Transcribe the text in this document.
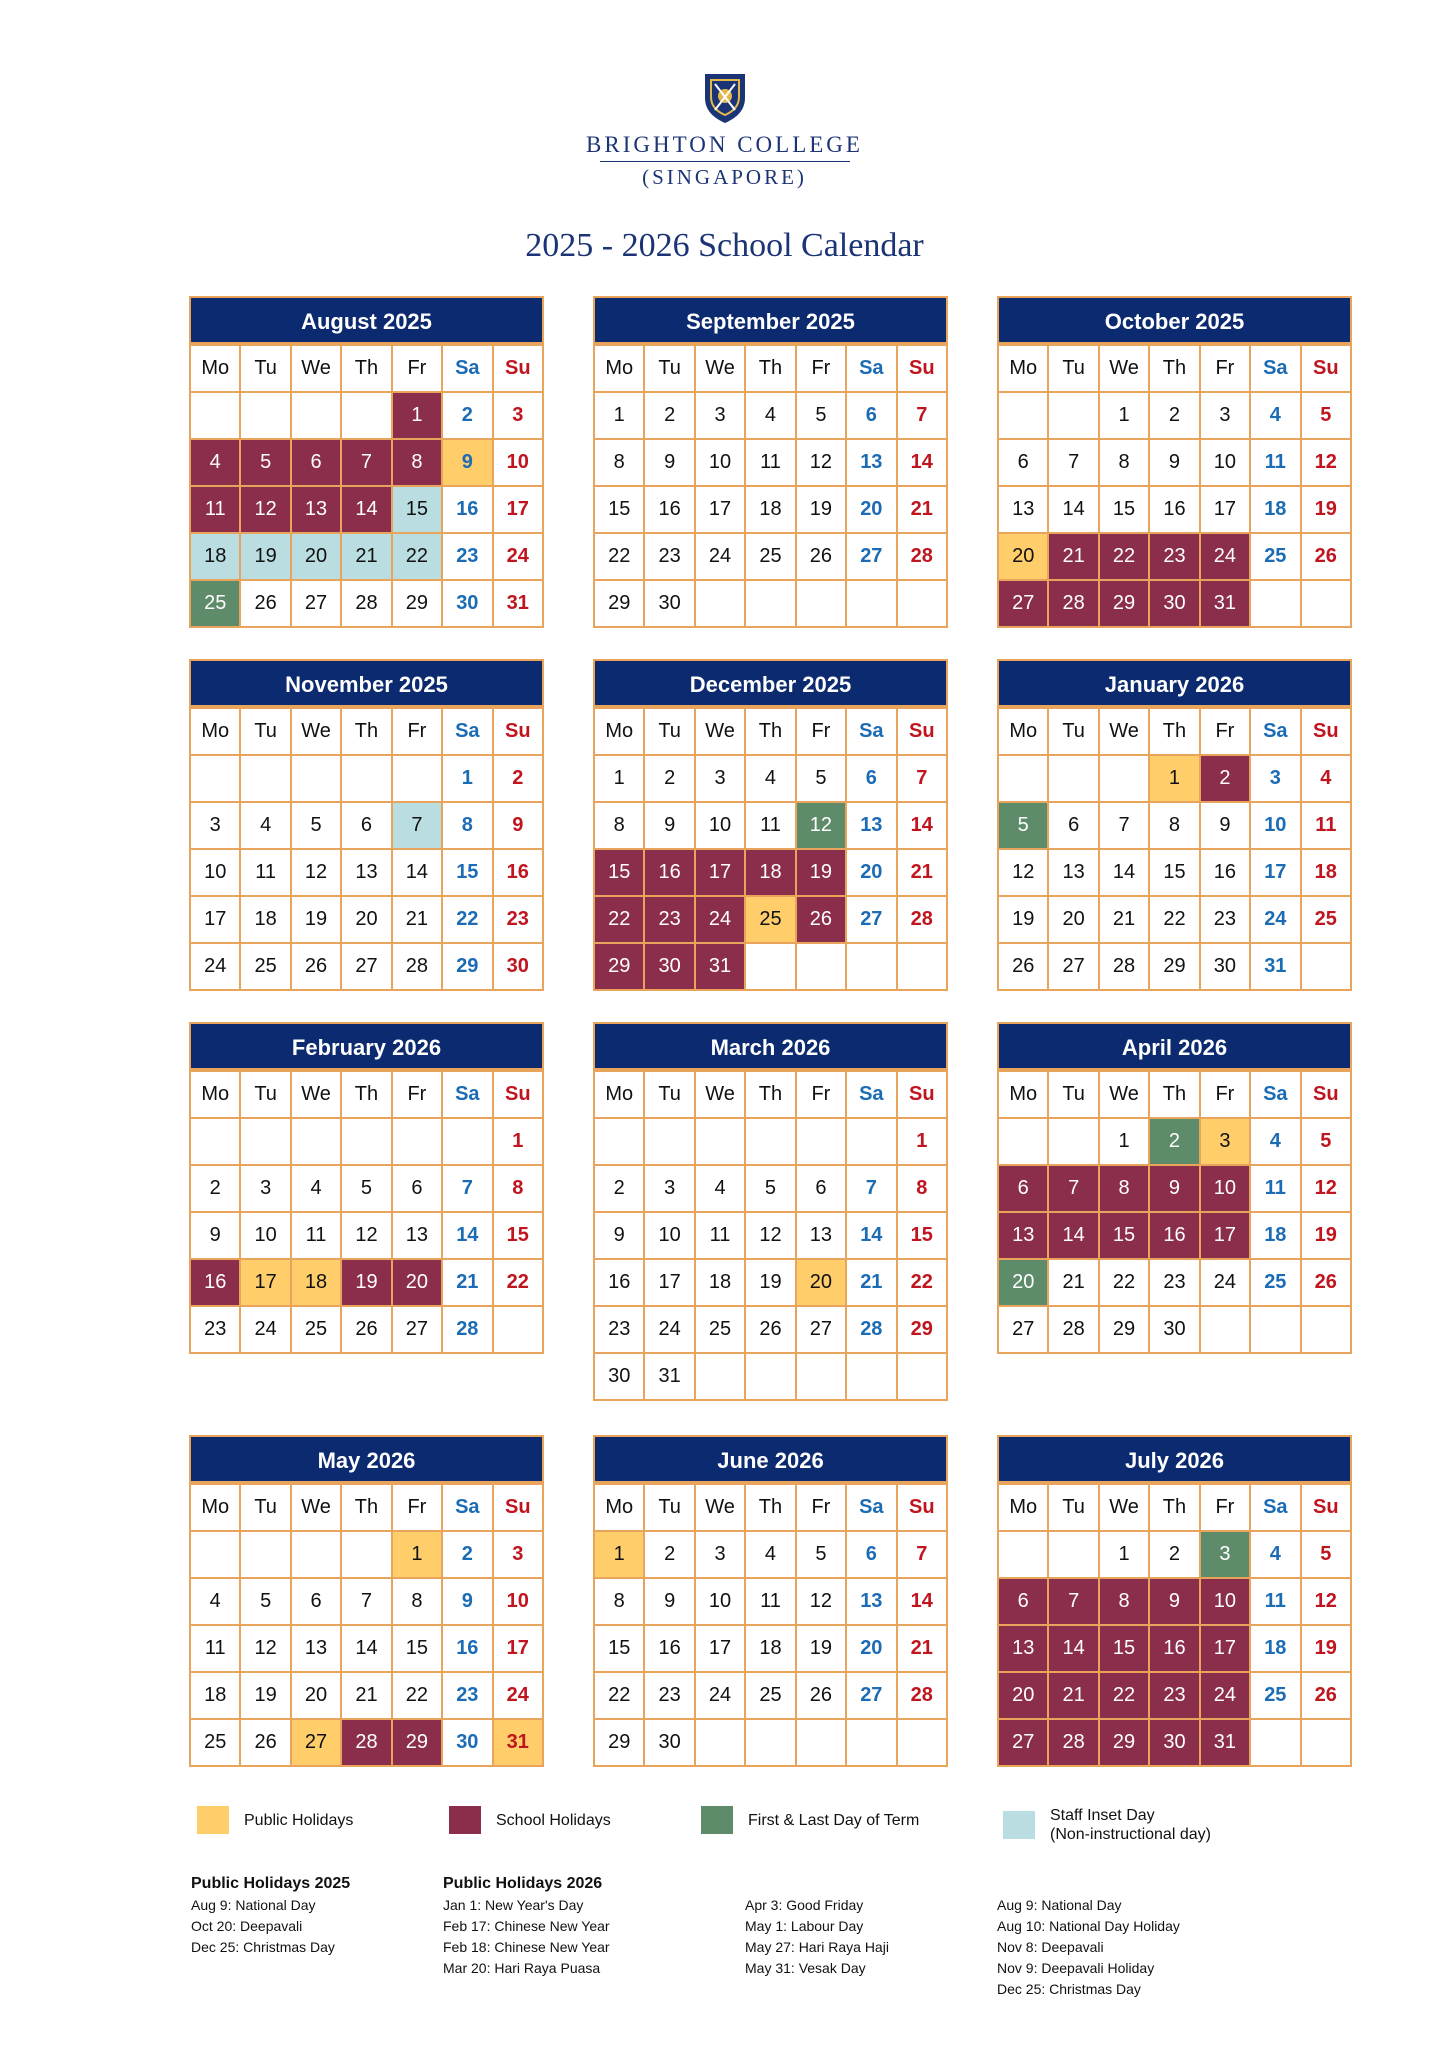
BRIGHTON COLLEGE
(SINGAPORE)
2025 - 2026 School Calendar
August 2025
Mo	Tu	We	Th	Fr	Sa	Su
				1	2	3
4	5	6	7	8	9	10
11	12	13	14	15	16	17
18	19	20	21	22	23	24
25	26	27	28	29	30	31
September 2025
Mo	Tu	We	Th	Fr	Sa	Su
1	2	3	4	5	6	7
8	9	10	11	12	13	14
15	16	17	18	19	20	21
22	23	24	25	26	27	28
29	30					
October 2025
Mo	Tu	We	Th	Fr	Sa	Su
		1	2	3	4	5
6	7	8	9	10	11	12
13	14	15	16	17	18	19
20	21	22	23	24	25	26
27	28	29	30	31		
November 2025
Mo	Tu	We	Th	Fr	Sa	Su
					1	2
3	4	5	6	7	8	9
10	11	12	13	14	15	16
17	18	19	20	21	22	23
24	25	26	27	28	29	30
December 2025
Mo	Tu	We	Th	Fr	Sa	Su
1	2	3	4	5	6	7
8	9	10	11	12	13	14
15	16	17	18	19	20	21
22	23	24	25	26	27	28
29	30	31				
January 2026
Mo	Tu	We	Th	Fr	Sa	Su
			1	2	3	4
5	6	7	8	9	10	11
12	13	14	15	16	17	18
19	20	21	22	23	24	25
26	27	28	29	30	31	
February 2026
Mo	Tu	We	Th	Fr	Sa	Su
						1
2	3	4	5	6	7	8
9	10	11	12	13	14	15
16	17	18	19	20	21	22
23	24	25	26	27	28	
March 2026
Mo	Tu	We	Th	Fr	Sa	Su
						1
2	3	4	5	6	7	8
9	10	11	12	13	14	15
16	17	18	19	20	21	22
23	24	25	26	27	28	29
30	31					
April 2026
Mo	Tu	We	Th	Fr	Sa	Su
		1	2	3	4	5
6	7	8	9	10	11	12
13	14	15	16	17	18	19
20	21	22	23	24	25	26
27	28	29	30			
May 2026
Mo	Tu	We	Th	Fr	Sa	Su
				1	2	3
4	5	6	7	8	9	10
11	12	13	14	15	16	17
18	19	20	21	22	23	24
25	26	27	28	29	30	31
June 2026
Mo	Tu	We	Th	Fr	Sa	Su
1	2	3	4	5	6	7
8	9	10	11	12	13	14
15	16	17	18	19	20	21
22	23	24	25	26	27	28
29	30					
July 2026
Mo	Tu	We	Th	Fr	Sa	Su
		1	2	3	4	5
6	7	8	9	10	11	12
13	14	15	16	17	18	19
20	21	22	23	24	25	26
27	28	29	30	31		
Public Holidays	School Holidays	First & Last Day of Term	Staff Inset Day
(Non-instructional day)
Public Holidays 2025
Aug 9: National Day
Oct 20: Deepavali
Dec 25: Christmas Day
Public Holidays 2026
Jan 1: New Year's Day
Feb 17: Chinese New Year
Feb 18: Chinese New Year
Mar 20: Hari Raya Puasa
Apr 3: Good Friday
May 1: Labour Day
May 27: Hari Raya Haji
May 31: Vesak Day
Aug 9: National Day
Aug 10: National Day Holiday
Nov 8: Deepavali
Nov 9: Deepavali Holiday
Dec 25: Christmas Day
